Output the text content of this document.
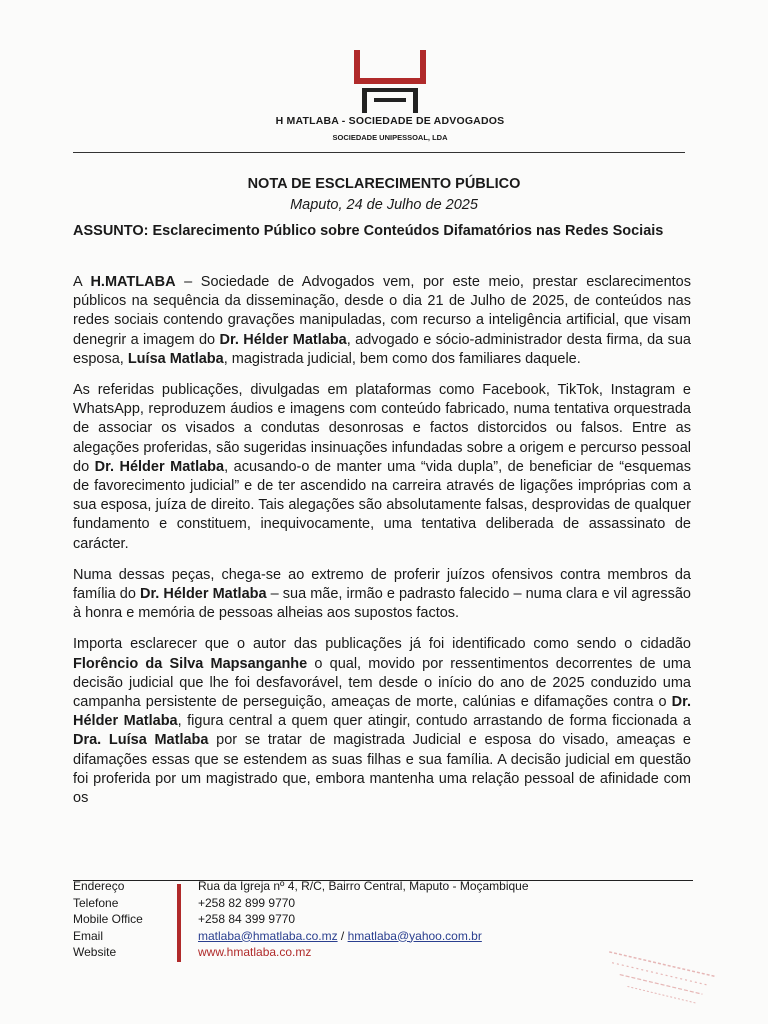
H MATLABA - SOCIEDADE DE ADVOGADOS
SOCIEDADE UNIPESSOAL, LDA
NOTA DE ESCLARECIMENTO PÚBLICO
Maputo, 24 de Julho de 2025
ASSUNTO: Esclarecimento Público sobre Conteúdos Difamatórios nas Redes Sociais

A H.MATLABA – Sociedade de Advogados vem, por este meio, prestar esclarecimentos públicos na sequência da disseminação, desde o dia 21 de Julho de 2025, de conteúdos nas redes sociais contendo gravações manipuladas, com recurso a inteligência artificial, que visam denegrir a imagem do Dr. Hélder Matlaba, advogado e sócio-administrador desta firma, da sua esposa, Luísa Matlaba, magistrada judicial, bem como dos familiares daquele.

As referidas publicações, divulgadas em plataformas como Facebook, TikTok, Instagram e WhatsApp, reproduzem áudios e imagens com conteúdo fabricado, numa tentativa orquestrada de associar os visados a condutas desonrosas e factos distorcidos ou falsos. Entre as alegações proferidas, são sugeridas insinuações infundadas sobre a origem e percurso pessoal do Dr. Hélder Matlaba, acusando-o de manter uma “vida dupla”, de beneficiar de “esquemas de favorecimento judicial” e de ter ascendido na carreira através de ligações impróprias com a sua esposa, juíza de direito. Tais alegações são absolutamente falsas, desprovidas de qualquer fundamento e constituem, inequivocamente, uma tentativa deliberada de assassinato de carácter.

Numa dessas peças, chega-se ao extremo de proferir juízos ofensivos contra membros da família do Dr. Hélder Matlaba – sua mãe, irmão e padrasto falecido – numa clara e vil agressão à honra e memória de pessoas alheias aos supostos factos.

Importa esclarecer que o autor das publicações já foi identificado como sendo o cidadão Florêncio da Silva Mapsanganhe o qual, movido por ressentimentos decorrentes de uma decisão judicial que lhe foi desfavorável, tem desde o início do ano de 2025 conduzido uma campanha persistente de perseguição, ameaças de morte, calúnias e difamações contra o Dr. Hélder Matlaba, figura central a quem quer atingir, contudo arrastando de forma ficcionada a Dra. Luísa Matlaba por se tratar de magistrada Judicial e esposa do visado, ameaças e difamações essas que se estendem as suas filhas e sua família. A decisão judicial em questão foi proferida por um magistrado que, embora mantenha uma relação pessoal de afinidade com os

Endereço
Telefone
Mobile Office
Email
Website
Rua da Igreja nº 4, R/C, Bairro Central, Maputo - Moçambique
+258 82 899 9770
+258 84 399 9770
matlaba@hmatlaba.co.mz / hmatlaba@yahoo.com.br
www.hmatlaba.co.mz
